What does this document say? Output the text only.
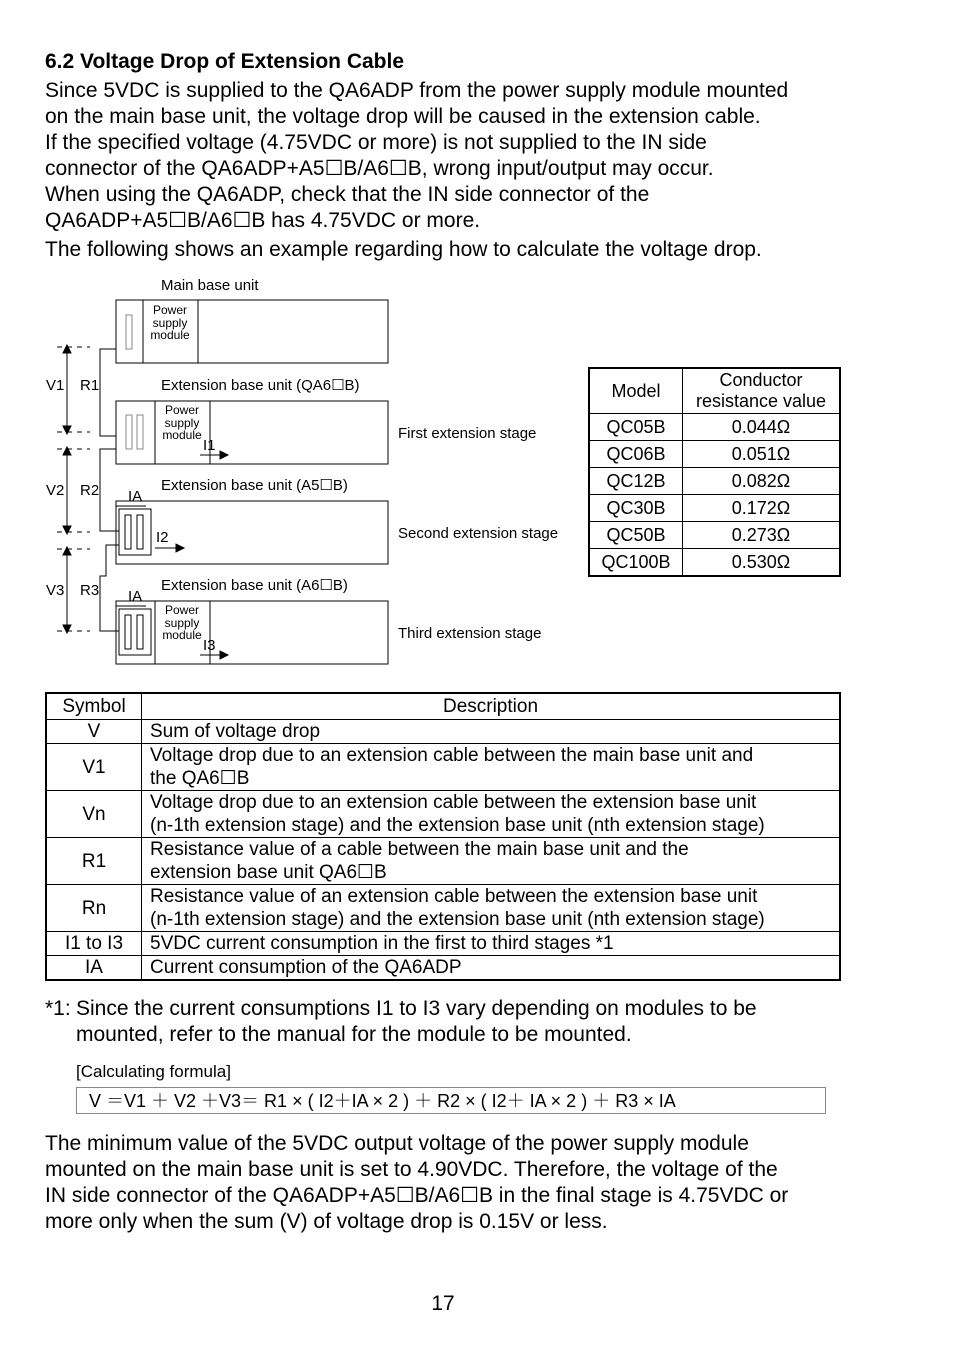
6.2 Voltage Drop of Extension Cable

Since 5VDC is supplied to the QA6ADP from the power supply module mounted
on the main base unit, the voltage drop will be caused in the extension cable.

If the specified voltage (4.75VDC or more) is not supplied to the IN side
connector of the QA6ADP+A5☐B/A6☐B, wrong input/output may occur.

When using the QA6ADP, check that the IN side connector of the
QA6ADP+A5☐B/A6☐B has 4.75VDC or more.

The following shows an example regarding how to calculate the voltage drop.

Main base unit
Power
supply
module
Extension base unit (QA6☐B)
Power
supply
module
I1
First extension stage
Extension base unit (A5☐B)
IA
I2	Second extension stage
Extension base unit (A6☐B)
IA
Power
supply
module
I3
Third extension stage
V1 R1
V2 R2
V3 R3
Model	Conductor
resistance value

QC05B	0.044Ω
QC06B	0.051Ω
QC12B	0.082Ω
QC30B	0.172Ω
QC50B	0.273Ω
QC100B	0.530Ω
Symbol	Description
V	Sum of voltage drop

V1	Voltage drop due to an extension cable between the main base unit and
the QA6☐B

Vn	Voltage drop due to an extension cable between the extension base unit
(n-1th extension stage) and the extension base unit (nth extension stage)

R1	Resistance value of a cable between the main base unit and the
extension base unit QA6☐B

Rn	Resistance value of an extension cable between the extension base unit
(n-1th extension stage) and the extension base unit (nth extension stage)

I1 to I3	5VDC current consumption in the first to third stages *1

IA	Current consumption of the QA6ADP
*1: Since the current consumptions I1 to I3 vary depending on modules to be
mounted, refer to the manual for the module to be mounted.

[Calculating formula]
V ＝V1 ＋ V2 ＋V3＝ R1 × ( I2＋IA × 2 ) ＋ R2 × ( I2＋ IA × 2 ) ＋ R3 × IA

The minimum value of the 5VDC output voltage of the power supply module
mounted on the main base unit is set to 4.90VDC. Therefore, the voltage of the
IN side connector of the QA6ADP+A5☐B/A6☐B in the final stage is 4.75VDC or
more only when the sum (V) of voltage drop is 0.15V or less.

17
